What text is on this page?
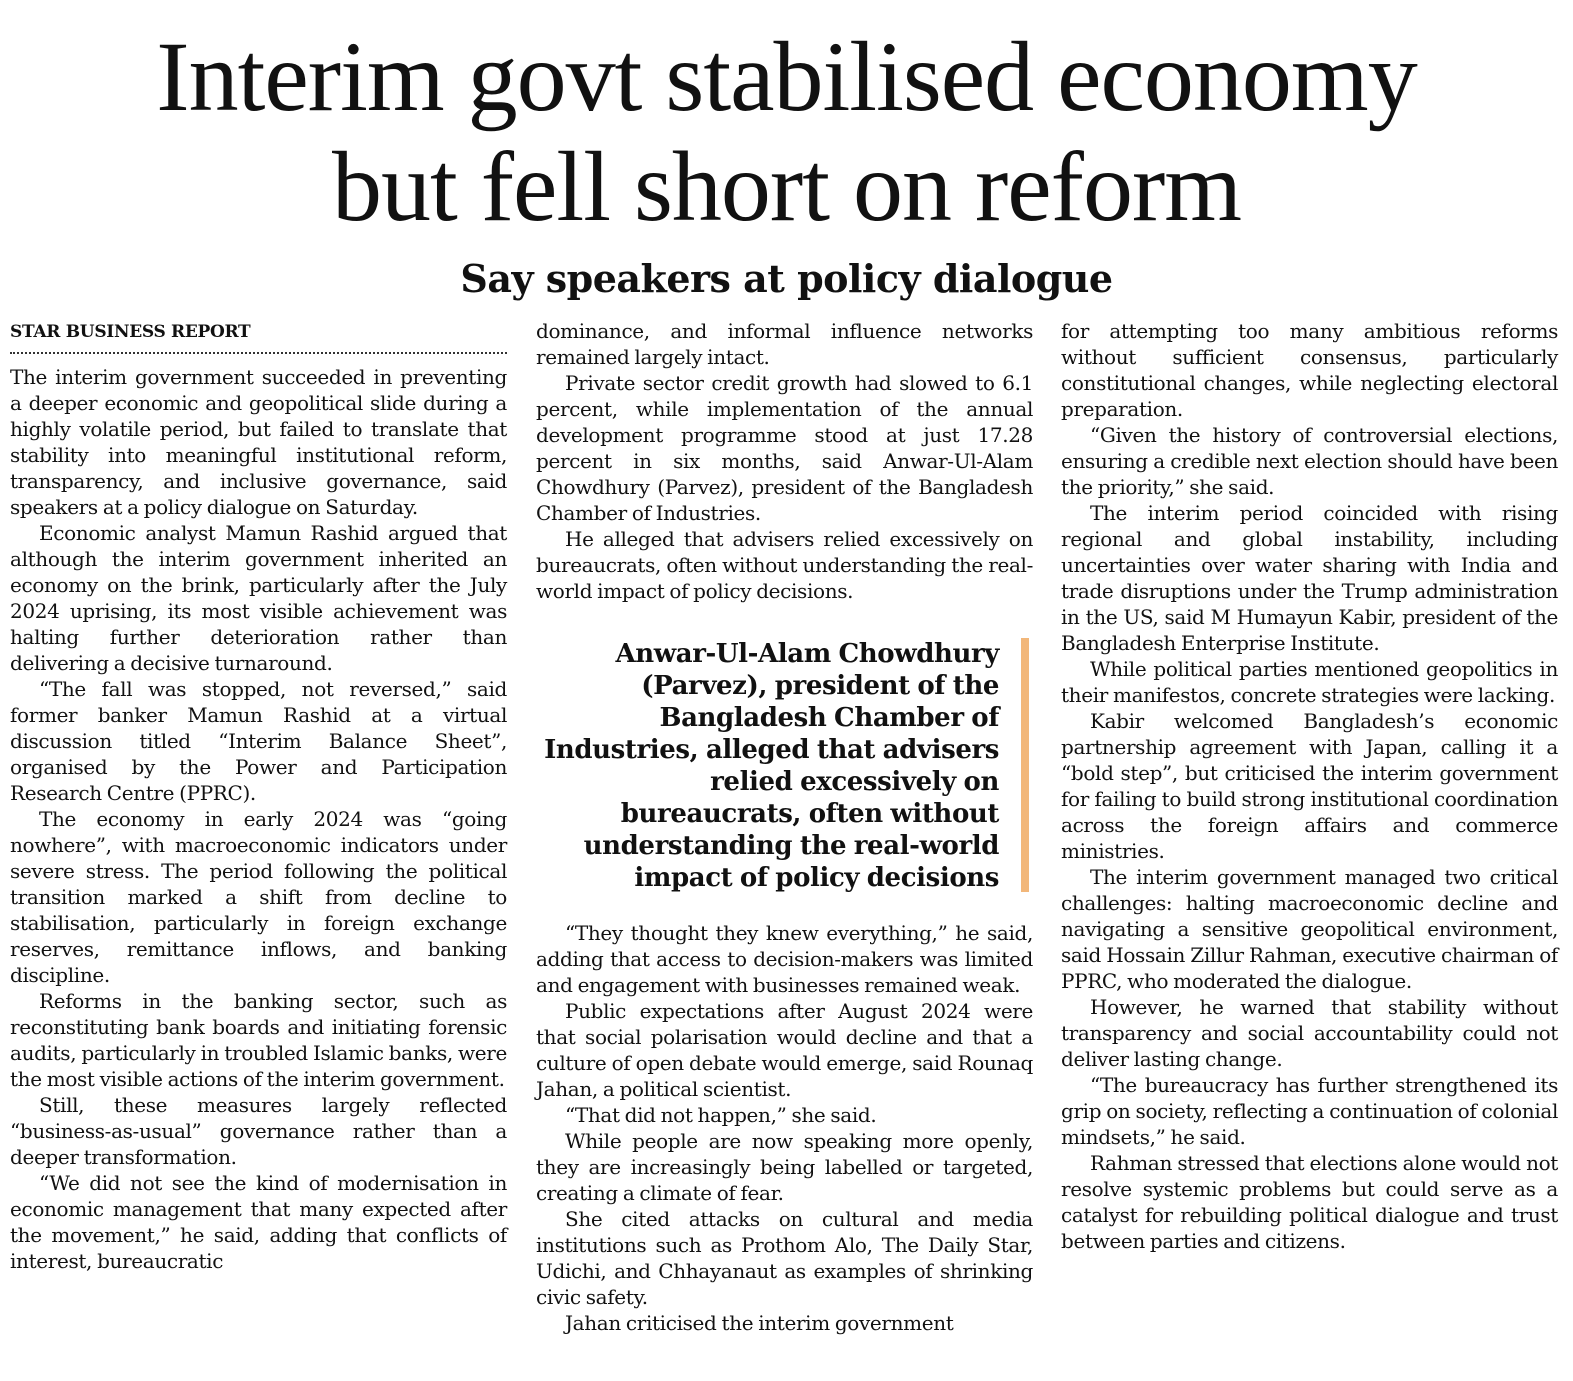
Interim govt stabilised economy
but fell short on reform
Say speakers at policy dialogue
STAR BUSINESS REPORT

The interim government succeeded in preventing a deeper economic and geopolitical slide during a highly volatile period, but failed to translate that stability into meaningful institutional reform, transparency, and inclusive governance, said speakers at a policy dialogue on Saturday.

Economic analyst Mamun Rashid argued that although the interim government inherited an economy on the brink, particularly after the July 2024 uprising, its most visible achievement was halting further deterioration rather than delivering a decisive turnaround.

“The fall was stopped, not reversed,” said former banker Mamun Rashid at a virtual discussion titled “Interim Balance Sheet”, organised by the Power and Participation Research Centre (PPRC).

The economy in early 2024 was “going nowhere”, with macroeconomic indicators under severe stress. The period following the political transition marked a shift from decline to stabilisation, particularly in foreign exchange reserves, remittance inflows, and banking discipline.

Reforms in the banking sector, such as reconstituting bank boards and initiating forensic audits, particularly in troubled Islamic banks, were the most visible actions of the interim government.

Still, these measures largely reflected “business-as-usual” governance rather than a deeper transformation.

“We did not see the kind of modernisation in economic management that many expected after the movement,” he said, adding that conflicts of interest, bureaucratic

dominance, and informal influence networks remained largely intact.

Private sector credit growth had slowed to 6.1 percent, while implementation of the annual development programme stood at just 17.28 percent in six months, said Anwar-Ul-Alam Chowdhury (Parvez), president of the Bangladesh Chamber of Industries.

He alleged that advisers relied excessively on bureaucrats, often without understanding the real-world impact of policy decisions.

Anwar-Ul-Alam Chowdhury (Parvez), president of the Bangladesh Chamber of Industries, alleged that advisers relied excessively on bureaucrats, often without understanding the real-world impact of policy decisions

“They thought they knew everything,” he said, adding that access to decision-makers was limited and engagement with businesses remained weak.

Public expectations after August 2024 were that social polarisation would decline and that a culture of open debate would emerge, said Rounaq Jahan, a political scientist.

“That did not happen,” she said.

While people are now speaking more openly, they are increasingly being labelled or targeted, creating a climate of fear.

She cited attacks on cultural and media institutions such as Prothom Alo, The Daily Star, Udichi, and Chhayanaut as examples of shrinking civic safety.

Jahan criticised the interim government

for attempting too many ambitious reforms without sufficient consensus, particularly constitutional changes, while neglecting electoral preparation.

“Given the history of controversial elections, ensuring a credible next election should have been the priority,” she said.

The interim period coincided with rising regional and global instability, including uncertainties over water sharing with India and trade disruptions under the Trump administration in the US, said M Humayun Kabir, president of the Bangladesh Enterprise Institute.

While political parties mentioned geopolitics in their manifestos, concrete strategies were lacking.

Kabir welcomed Bangladesh’s economic partnership agreement with Japan, calling it a “bold step”, but criticised the interim government for failing to build strong institutional coordination across the foreign affairs and commerce ministries.

The interim government managed two critical challenges: halting macroeconomic decline and navigating a sensitive geopolitical environment, said Hossain Zillur Rahman, executive chairman of PPRC, who moderated the dialogue.

However, he warned that stability without transparency and social accountability could not deliver lasting change.

“The bureaucracy has further strengthened its grip on society, reflecting a continuation of colonial mindsets,” he said.

Rahman stressed that elections alone would not resolve systemic problems but could serve as a catalyst for rebuilding political dialogue and trust between parties and citizens.
